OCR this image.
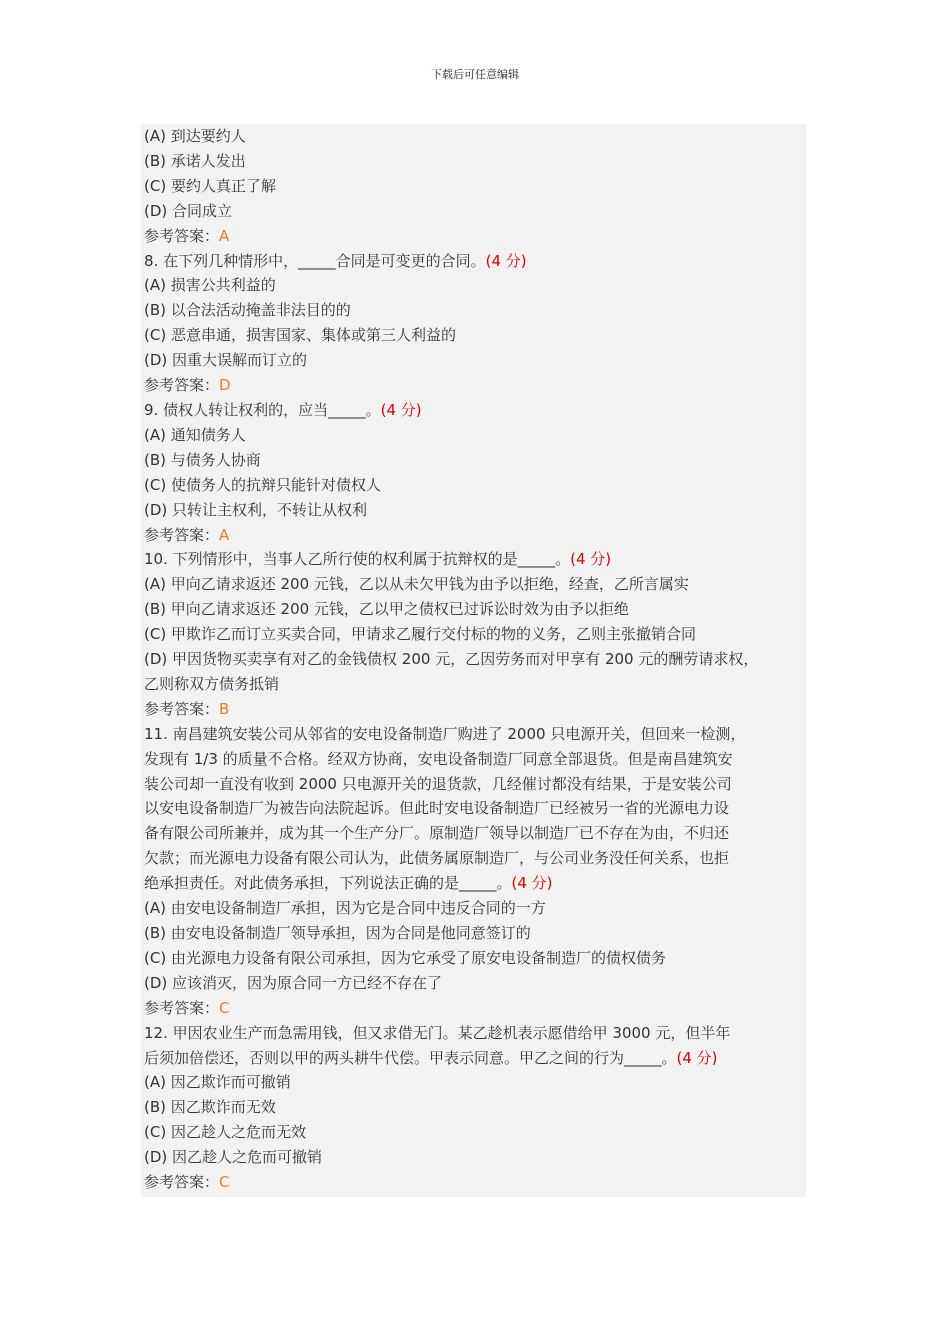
下载后可任意编辑
(A) 到达要约人
(B) 承诺人发出
(C) 要约人真正了解
(D) 合同成立
参考答案：A
8. 在下列几种情形中，_____合同是可变更的合同。(4 分)
(A) 损害公共利益的
(B) 以合法活动掩盖非法目的的
(C) 恶意串通，损害国家、集体或第三人利益的
(D) 因重大误解而订立的
参考答案：D
9. 债权人转让权利的，应当_____。(4 分)
(A) 通知债务人
(B) 与债务人协商
(C) 使债务人的抗辩只能针对债权人
(D) 只转让主权利，不转让从权利
参考答案：A
10. 下列情形中，当事人乙所行使的权利属于抗辩权的是_____。(4 分)
(A) 甲向乙请求返还 200 元钱，乙以从未欠甲钱为由予以拒绝，经查，乙所言属实
(B) 甲向乙请求返还 200 元钱，乙以甲之债权已过诉讼时效为由予以拒绝
(C) 甲欺诈乙而订立买卖合同，甲请求乙履行交付标的物的义务，乙则主张撤销合同
(D) 甲因货物买卖享有对乙的金钱债权 200 元，乙因劳务而对甲享有 200 元的酬劳请求权，
乙则称双方债务抵销
参考答案：B
11. 南昌建筑安装公司从邻省的安电设备制造厂购进了 2000 只电源开关，但回来一检测，
发现有 1/3 的质量不合格。经双方协商，安电设备制造厂同意全部退货。但是南昌建筑安
装公司却一直没有收到 2000 只电源开关的退货款，几经催讨都没有结果，于是安装公司
以安电设备制造厂为被告向法院起诉。但此时安电设备制造厂已经被另一省的光源电力设
备有限公司所兼并，成为其一个生产分厂。原制造厂领导以制造厂已不存在为由，不归还
欠款；而光源电力设备有限公司认为，此债务属原制造厂，与公司业务没任何关系，也拒
绝承担责任。对此债务承担，下列说法正确的是_____。(4 分)
(A) 由安电设备制造厂承担，因为它是合同中违反合同的一方
(B) 由安电设备制造厂领导承担，因为合同是他同意签订的
(C) 由光源电力设备有限公司承担，因为它承受了原安电设备制造厂的债权债务
(D) 应该消灭，因为原合同一方已经不存在了
参考答案：C
12. 甲因农业生产而急需用钱，但又求借无门。某乙趁机表示愿借给甲 3000 元，但半年
后须加倍偿还，否则以甲的两头耕牛代偿。甲表示同意。甲乙之间的行为_____。(4 分)
(A) 因乙欺诈而可撤销
(B) 因乙欺诈而无效
(C) 因乙趁人之危而无效
(D) 因乙趁人之危而可撤销
参考答案：C
